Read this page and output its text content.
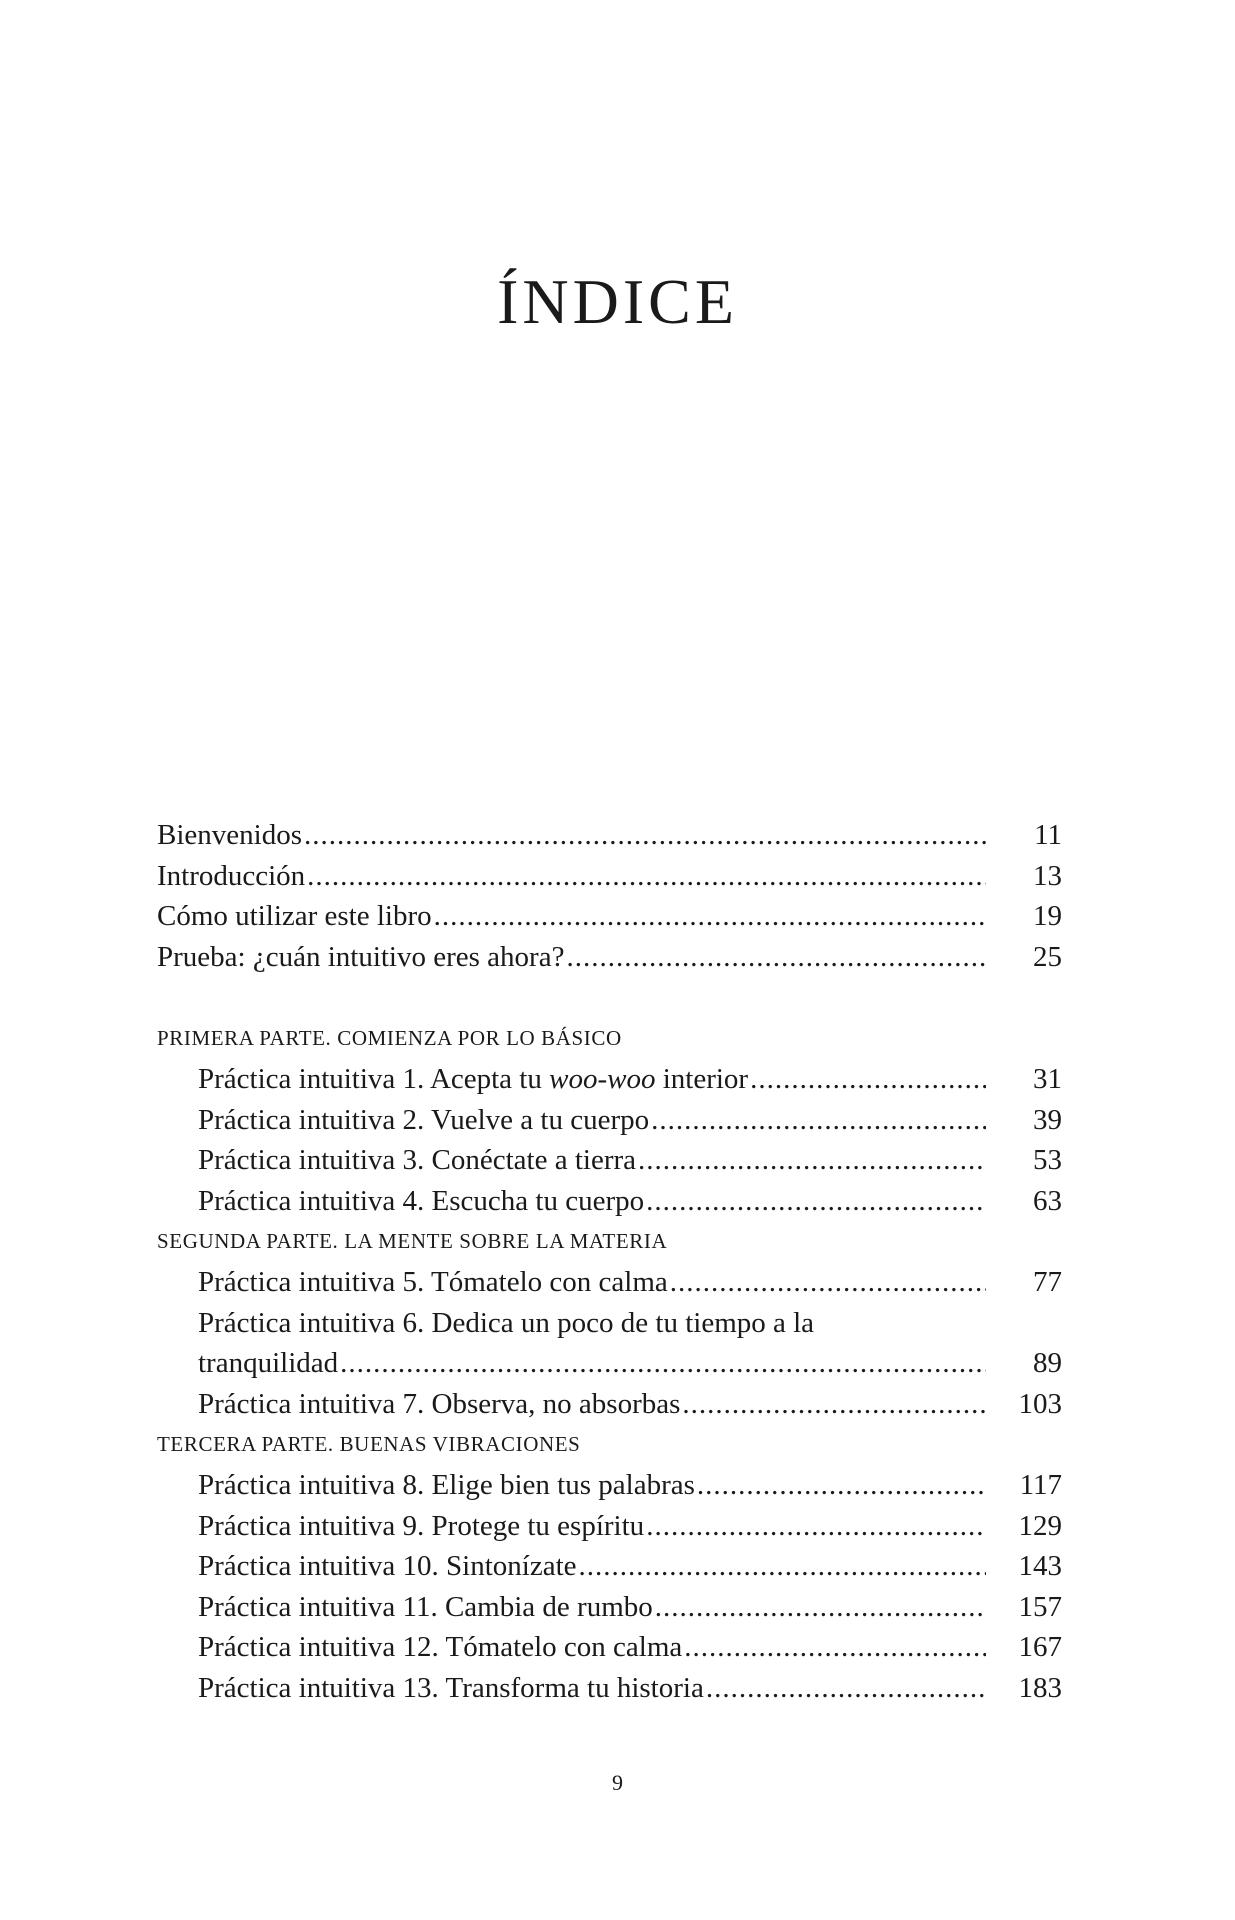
ÍNDICE
Bienvenidos .....	11
Introducción .....	13
Cómo utilizar este libro .....	19
Prueba: ¿cuán intuitivo eres ahora? .....	25
PRIMERA PARTE. COMIENZA POR LO BÁSICO
Práctica intuitiva 1. Acepta tu woo-woo interior .....	31
Práctica intuitiva 2. Vuelve a tu cuerpo .....	39
Práctica intuitiva 3. Conéctate a tierra .....	53
Práctica intuitiva 4. Escucha tu cuerpo .....	63
SEGUNDA PARTE. LA MENTE SOBRE LA MATERIA
Práctica intuitiva 5. Tómatelo con calma .....	77
Práctica intuitiva 6. Dedica un poco de tu tiempo a la
tranquilidad .....	89
Práctica intuitiva 7. Observa, no absorbas .....	103
TERCERA PARTE. BUENAS VIBRACIONES
Práctica intuitiva 8. Elige bien tus palabras .....	117
Práctica intuitiva 9. Protege tu espíritu .....	129
Práctica intuitiva 10. Sintonízate .....	143
Práctica intuitiva 11. Cambia de rumbo .....	157
Práctica intuitiva 12. Tómatelo con calma .....	167
Práctica intuitiva 13. Transforma tu historia .....	183
9
